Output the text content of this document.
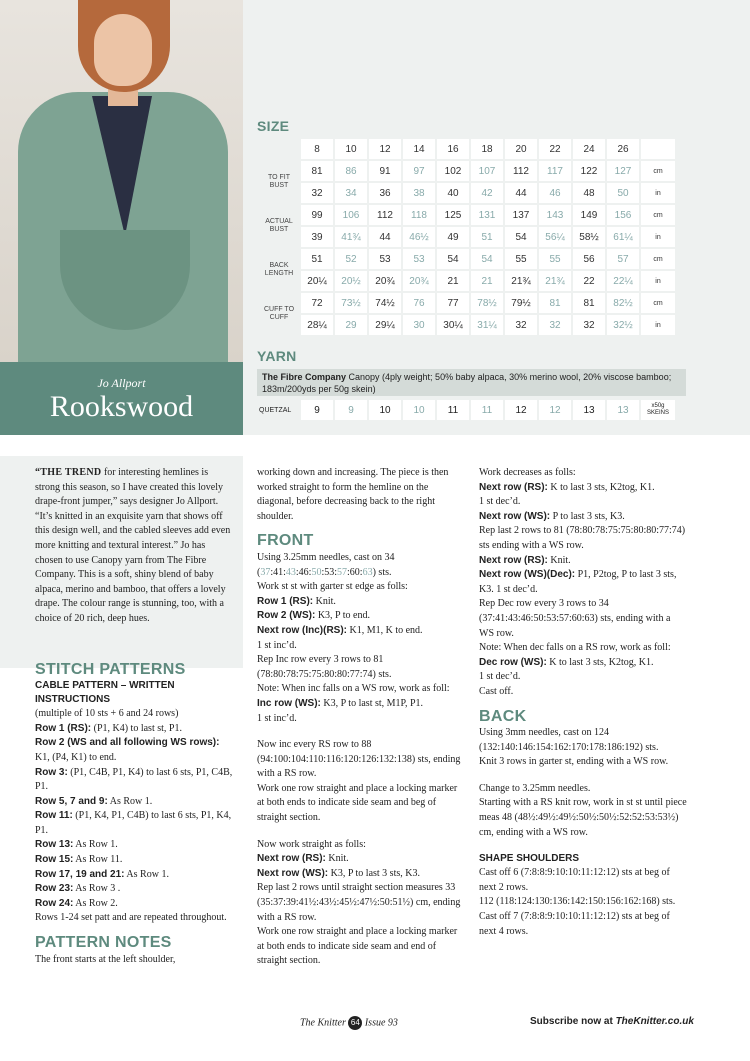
Jo Allport
Rookswood
SIZE
	8	10	12	14	16	18	20	22	24	26	
TO FIT BUST	81	86	91	97	102	107	112	117	122	127	cm
	32	34	36	38	40	42	44	46	48	50	in
ACTUAL BUST	99	106	112	118	125	131	137	143	149	156	cm
	39	41¾	44	46½	49	51	54	56¼	58½	61¼	in
BACK LENGTH	51	52	53	53	54	54	55	55	56	57	cm
	20¼	20½	20¾	20¾	21	21	21¾	21¾	22	22¼	in
CUFF TO CUFF	72	73½	74½	76	77	78½	79½	81	81	82½	cm
	28¼	29	29¼	30	30¼	31¼	32	32	32	32½	in
YARN
The Fibre Company Canopy (4ply weight; 50% baby alpaca, 30% merino wool, 20% viscose bamboo; 183m/200yds per 50g skein)
QUETZAL	9	9	10	10	11	11	12	12	13	13	x50g SKEINS
“THE TREND for interesting hemlines is strong this season, so I have created this lovely drape-front jumper,” says designer Jo Allport. “It’s knitted in an exquisite yarn that shows off this design well, and the cabled sleeves add even more knitting and textural interest.” Jo has chosen to use Canopy yarn from The Fibre Company. This is a soft, shiny blend of baby alpaca, merino and bamboo, that offers a lovely drape. The colour range is stunning, too, with a choice of 20 rich, deep hues.
STITCH PATTERNS
CABLE PATTERN – WRITTEN INSTRUCTIONS

(multiple of 10 sts + 6 and 24 rows)

Row 1 (RS): (P1, K4) to last st, P1.

Row 2 (WS and all following WS rows): K1, (P4, K1) to end.

Row 3: (P1, C4B, P1, K4) to last 6 sts, P1, C4B, P1.

Row 5, 7 and 9: As Row 1.

Row 11: (P1, K4, P1, C4B) to last 6 sts, P1, K4, P1.

Row 13: As Row 1.

Row 15: As Row 11.

Row 17, 19 and 21: As Row 1.

Row 23: As Row 3 .

Row 24: As Row 2.

Rows 1-24 set patt and are repeated throughout.

PATTERN NOTES

The front starts at the left shoulder,

working down and increasing. The piece is then worked straight to form the hemline on the diagonal, before decreasing back to the right shoulder.

FRONT

Using 3.25mm needles, cast on 34 (37:41:43:46:50:53:57:60:63) sts.

Work st st with garter st edge as folls:

Row 1 (RS): Knit.

Row 2 (WS): K3, P to end.

Next row (Inc)(RS): K1, M1, K to end.

1 st inc’d.

Rep Inc row every 3 rows to 81 (78:80:78:75:75:80:80:77:74) sts.

Note: When inc falls on a WS row, work as foll:

Inc row (WS): K3, P to last st, M1P, P1.

1 st inc’d.

Now inc every RS row to 88 (94:100:104:110:116:120:126:132:138) sts, ending with a RS row.

Work one row straight and place a locking marker at both ends to indicate side seam and beg of straight section.

Now work straight as folls:

Next row (RS): Knit.

Next row (WS): K3, P to last 3 sts, K3.

Rep last 2 rows until straight section measures 33 (35:37:39:41½:43½:45½:47½:50:51½) cm, ending with a RS row.

Work one row straight and place a locking marker at both ends to indicate side seam and end of straight section.

Work decreases as folls:

Next row (RS): K to last 3 sts, K2tog, K1.

1 st dec’d.

Next row (WS): P to last 3 sts, K3.

Rep last 2 rows to 81 (78:80:78:75:75:80:80:77:74) sts ending with a WS row.

Next row (RS): Knit.

Next row (WS)(Dec): P1, P2tog, P to last 3 sts, K3. 1 st dec’d.

Rep Dec row every 3 rows to 34 (37:41:43:46:50:53:57:60:63) sts, ending with a WS row.

Note: When dec falls on a RS row, work as foll:

Dec row (WS): K to last 3 sts, K2tog, K1.

1 st dec’d.

Cast off.

BACK

Using 3mm needles, cast on 124 (132:140:146:154:162:170:178:186:192) sts.

Knit 3 rows in garter st, ending with a WS row.

Change to 3.25mm needles.

Starting with a RS knit row, work in st st until piece meas 48 (48½:49½:49½:50½:50½:52:52:53:53½) cm, ending with a WS row.

SHAPE SHOULDERS

Cast off 6 (7:8:8:9:10:10:11:12:12) sts at beg of next 2 rows.

112 (118:124:130:136:142:150:156:162:168) sts.

Cast off 7 (7:8:8:9:10:10:11:12:12) sts at beg of next 4 rows.

The Knitter 64 Issue 93	Subscribe now at TheKnitter.co.uk
